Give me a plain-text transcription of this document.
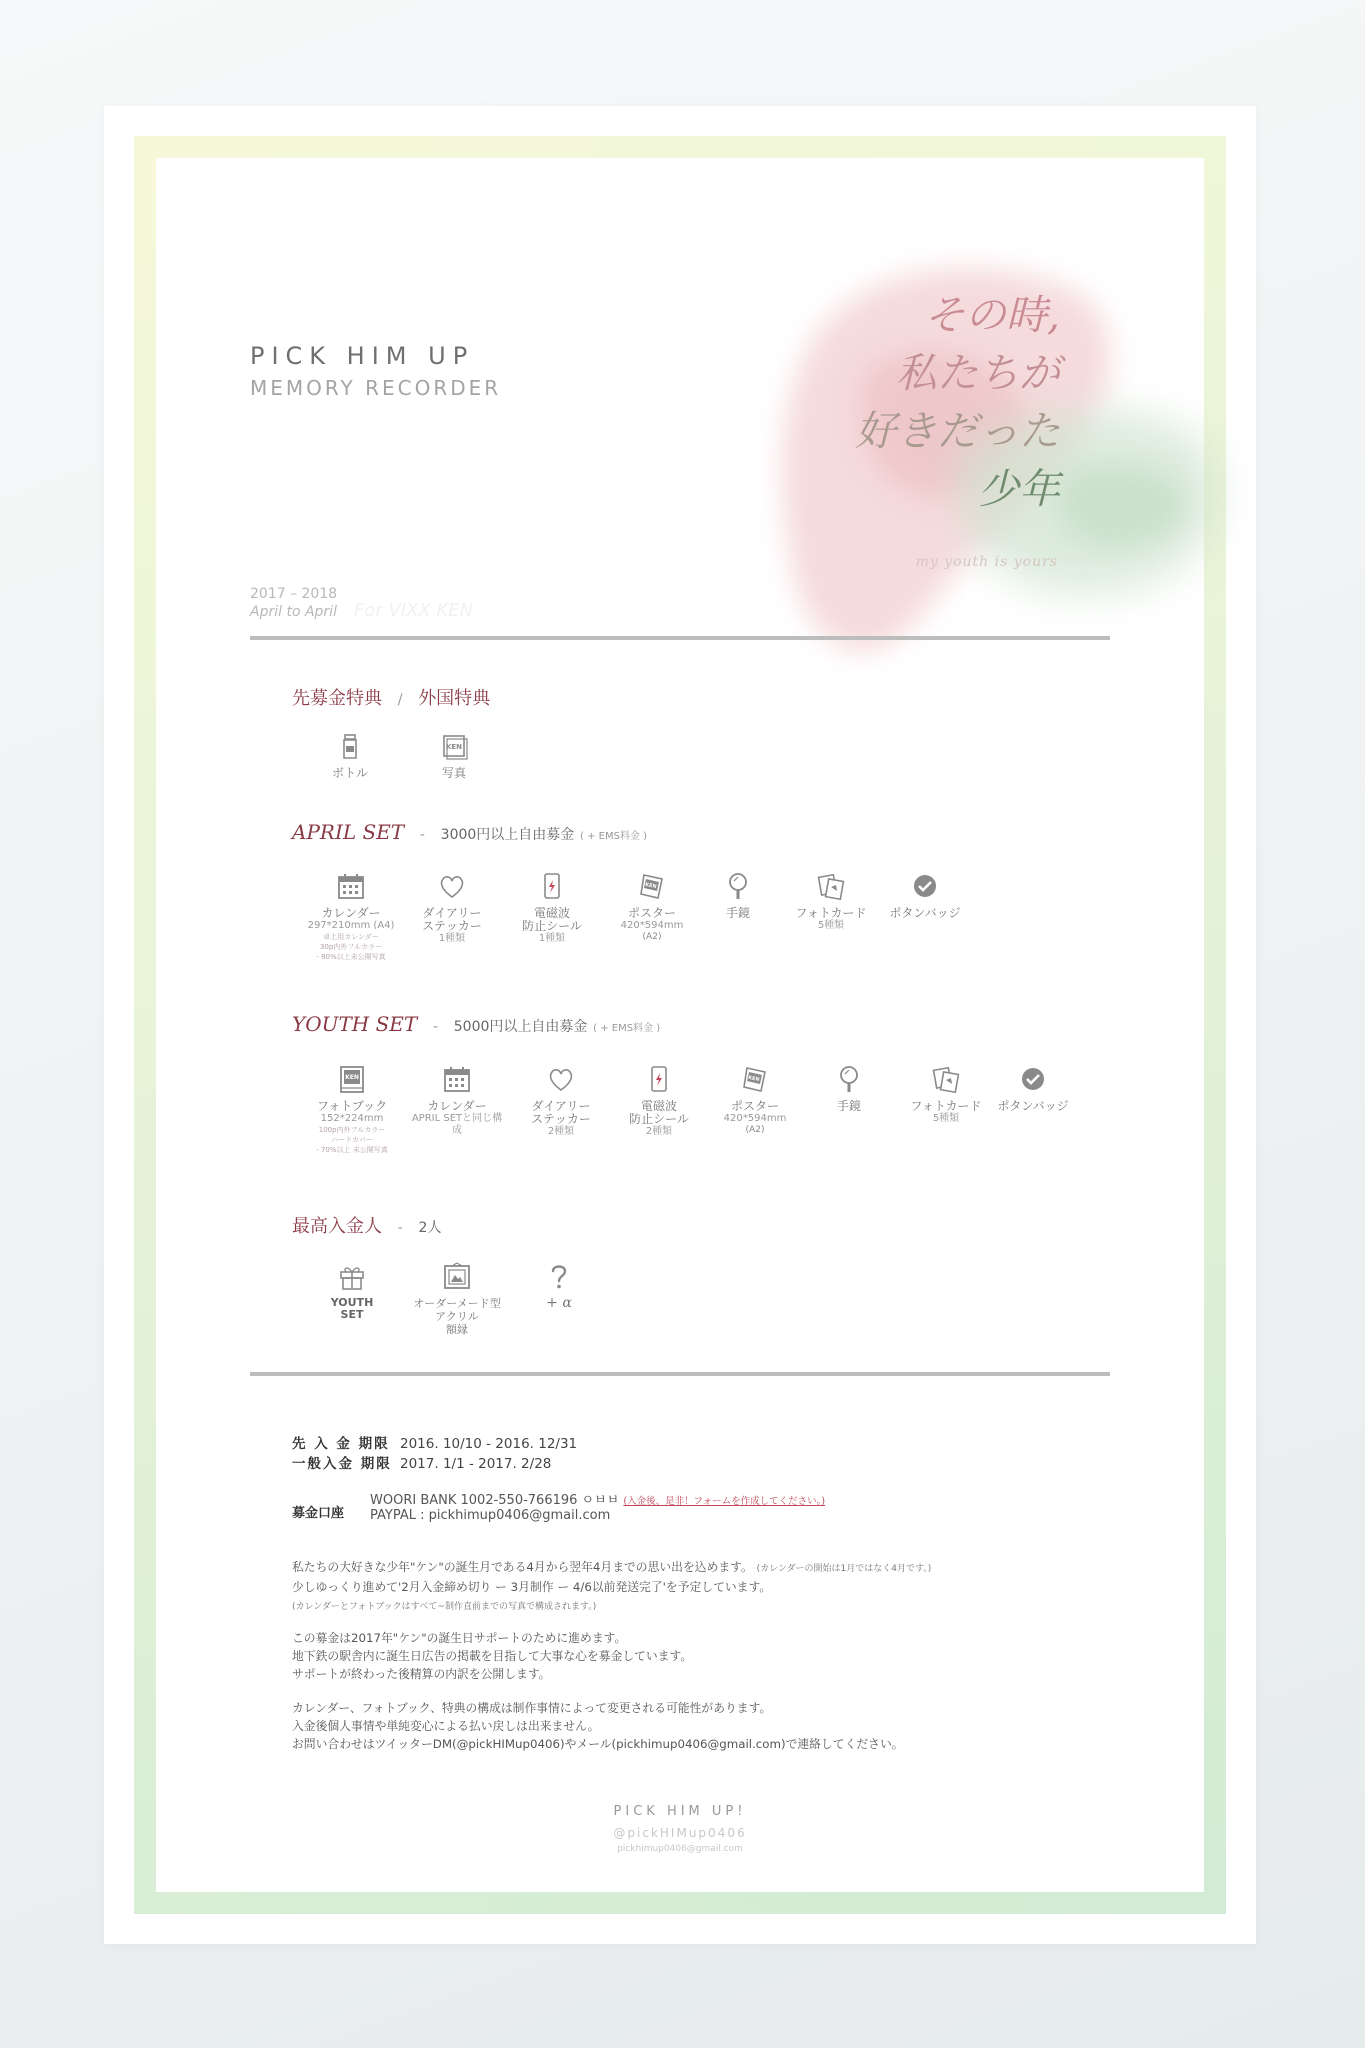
PICK HIM UP
MEMORY RECORDER
2017 – 2018
April to April For VIXX KEN
その時,
私たちが
好きだった
少年
my youth is yours
先募金特典 / 外国特典
ボトル
KEN
写真
APRIL SET - 3000円以上自由募金 ( + EMS料金 )
カレンダー
297*210mm (A4)
卓上用カレンダー
30p内外フルカラー
- 80%以上未公開写真
ダイアリー
ステッカー
1種類
電磁波
防止シール
1種類
KEN
ポスター
420*594mm
(A2)
手鏡	フォトカード
5種類
ポタンバッジ
YOUTH SET - 5000円以上自由募金 ( + EMS料金 )
KEN
フォトブック
152*224mm
100p内外フルカラー
ハードカバー
- 70%以上 未公開写真
カレンダー
APRIL SETと同じ構成
ダイアリー
ステッカー
2種類
電磁波
防止シール
2種類
KEN
ポスター
420*594mm
(A2)
手鏡	フォトカード
5種類
ポタンバッジ
最高入金人 - 2人
YOUTH
SET
オーダーメード型
アクリル
額縁
+ α
先 入 金 期限 2016. 10/10 - 2016. 12/31
一般入金 期限 2017. 1/1 - 2017. 2/28
募金口座
WOORI BANK 1002-550-766196 ㅇㅂㅂ (入金後、是非！フォームを作成してください。)
PAYPAL : pickhimup0406@gmail.com
私たちの大好きな少年"ケン"の誕生月である4月から翌年4月までの思い出を込めます。 (カレンダーの開始は1月ではなく4月です。)
少しゆっくり進めて'2月入金締め切り ー 3月制作 ー 4/6以前発送完了'を予定しています。
(カレンダーとフォトブックはすべて~制作直前までの写真で構成されます。)
この募金は2017年"ケン"の誕生日サポートのために進めます。
地下鉄の駅舎内に誕生日広告の掲載を目指して大事な心を募金しています。
サポートが終わった後精算の内訳を公開します。
カレンダー、フォトブック、特典の構成は制作事情によって変更される可能性があります。
入金後個人事情や単純変心による払い戻しは出来ません。
お問い合わせはツイッターDM(@pickHIMup0406)やメール(pickhimup0406@gmail.com)で連絡してください。
PICK HIM UP!
@pickHIMup0406
pickhimup0406@gmail.com
